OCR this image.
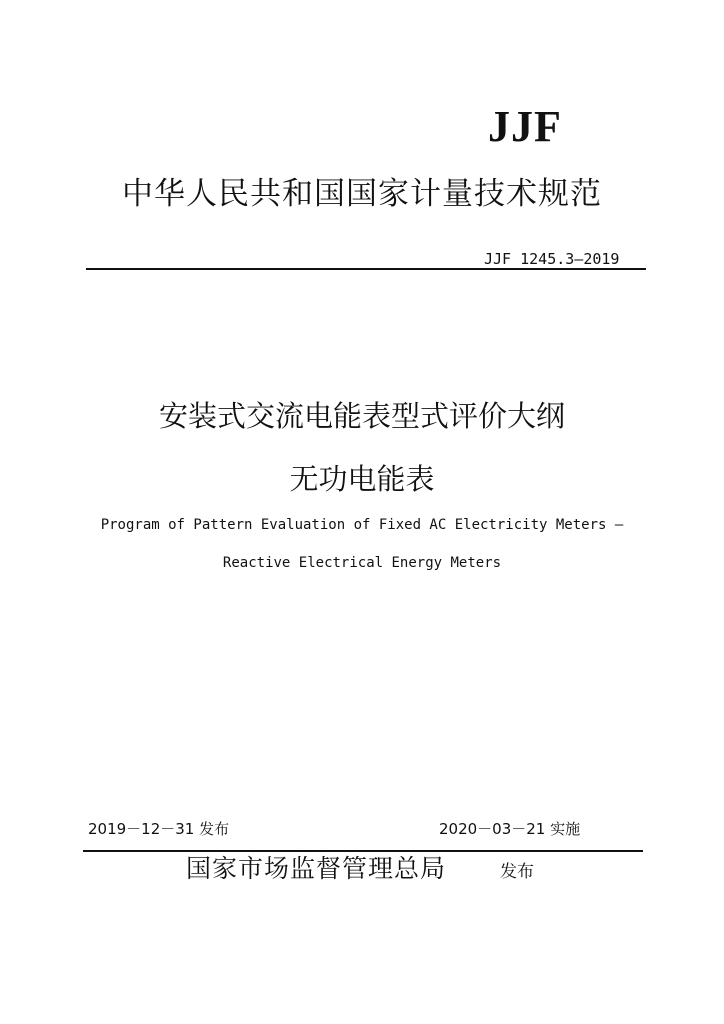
JJF
中华人民共和国国家计量技术规范
JJF 1245.3—2019
安装式交流电能表型式评价大纲
无功电能表
Program of Pattern Evaluation of Fixed AC Electricity Meters —
Reactive Electrical Energy Meters
2019－12－31 发布	2020－03－21 实施
国家市场监督管理总局	发布
